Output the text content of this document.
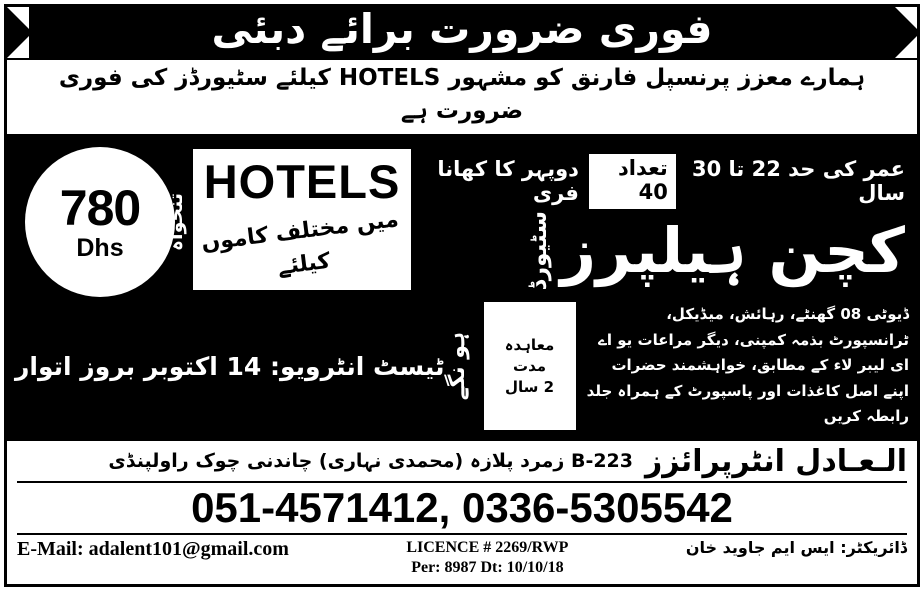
فوری ضرورت برائے دبئی
ہمارے معزز پرنسپل فارنق کو مشہور HOTELS کیلئے سٹیورڈز کی فوری ضرورت ہے
780
Dhs تنخواہ
HOTELS
میں مختلف کاموں کیلئے
عمر کی حد 22 تا 30 سال
تعداد 40
دوپہر کا کھانا فری
کچن ہیلپرز
سٹیورڈ
ہو نگے
ٹیسٹ انٹرویو: 14 اکتوبر بروز اتوار
معاہدہ مدت
2 سال
ڈیوٹی 08 گھنٹے، رہائش، میڈیکل، ٹرانسپورٹ بذمہ کمپنی، دیگر مراعات یو اے ای لیبر لاء کے مطابق، خواہشمند حضرات اپنے اصل کاغذات اور پاسپورٹ کے ہمراہ جلد رابطہ کریں
الـعـادل انٹرپرائزز
B-223 زمرد پلازہ (محمدی نہاری) چاندنی چوک راولپنڈی
051-4571412, 0336-5305542
E-Mail: adalent101@gmail.com	LICENCE # 2269/RWP
Per: 8987 Dt: 10/10/18
ڈائریکٹر: ایس ایم جاوید خان
